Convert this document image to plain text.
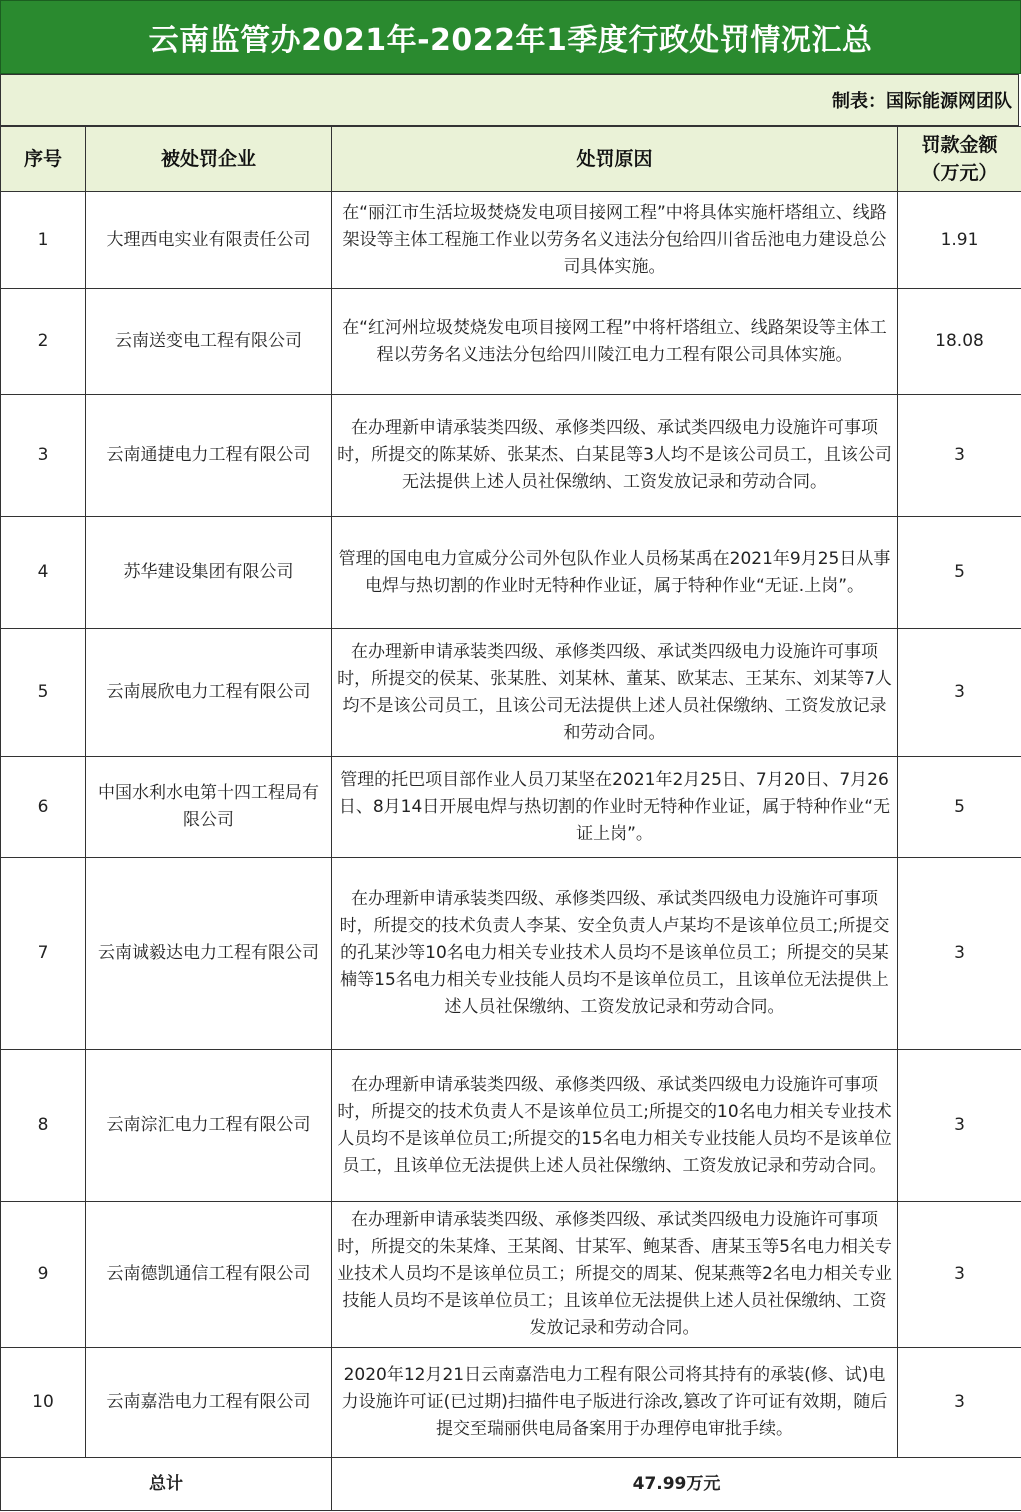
云南监管办2021年-2022年1季度行政处罚情况汇总
制表：国际能源网团队
序号	被处罚企业	处罚原因	罚款金额
（万元）

1	大理西电实业有限责任公司	在“丽江市生活垃圾焚烧发电项目接网工程”中将具体实施杆塔组立、线路架设等主体工程施工作业以劳务名义违法分包给四川省岳池电力建设总公司具体实施。	1.91
2	云南送变电工程有限公司	在“红河州垃圾焚烧发电项目接网工程”中将杆塔组立、线路架设等主体工程以劳务名义违法分包给四川陵江电力工程有限公司具体实施。	18.08
3	云南通捷电力工程有限公司	在办理新申请承装类四级、承修类四级、承试类四级电力设施许可事项时，所提交的陈某娇、张某杰、白某昆等3人均不是该公司员工，且该公司无法提供上述人员社保缴纳、工资发放记录和劳动合同。	3
4	苏华建设集团有限公司	管理的国电电力宣威分公司外包队作业人员杨某禹在2021年9月25日从事电焊与热切割的作业时无特种作业证，属于特种作业“无证.上岗”。	5
5	云南展欣电力工程有限公司	在办理新申请承装类四级、承修类四级、承试类四级电力设施许可事项时，所提交的侯某、张某胜、刘某林、董某、欧某志、王某东、刘某等7人均不是该公司员工，且该公司无法提供上述人员社保缴纳、工资发放记录和劳动合同。	3
6	中国水利水电第十四工程局有限公司	管理的托巴项目部作业人员刀某坚在2021年2月25日、7月20日、7月26日、8月14日开展电焊与热切割的作业时无特种作业证，属于特种作业“无证上岗”。	5
7	云南诚毅达电力工程有限公司	在办理新申请承装类四级、承修类四级、承试类四级电力设施许可事项时，所提交的技术负责人李某、安全负责人卢某均不是该单位员工;所提交的孔某沙等10名电力相关专业技术人员均不是该单位员工；所提交的吴某楠等15名电力相关专业技能人员均不是该单位员工，且该单位无法提供上述人员社保缴纳、工资发放记录和劳动合同。	3
8	云南淙汇电力工程有限公司	在办理新申请承装类四级、承修类四级、承试类四级电力设施许可事项时，所提交的技术负责人不是该单位员工;所提交的10名电力相关专业技术人员均不是该单位员工;所提交的15名电力相关专业技能人员均不是该单位员工，且该单位无法提供上述人员社保缴纳、工资发放记录和劳动合同。	3
9	云南德凯通信工程有限公司	在办理新申请承装类四级、承修类四级、承试类四级电力设施许可事项时，所提交的朱某烽、王某阁、甘某军、鲍某香、唐某玉等5名电力相关专业技术人员均不是该单位员工；所提交的周某、倪某燕等2名电力相关专业技能人员均不是该单位员工；且该单位无法提供上述人员社保缴纳、工资发放记录和劳动合同。	3
10	云南嘉浩电力工程有限公司	2020年12月21日云南嘉浩电力工程有限公司将其持有的承装(修、试)电力设施许可证(已过期)扫描件电子版进行涂改,篡改了许可证有效期，随后提交至瑞丽供电局备案用于办理停电审批手续。	3
总计		47.99万元	
